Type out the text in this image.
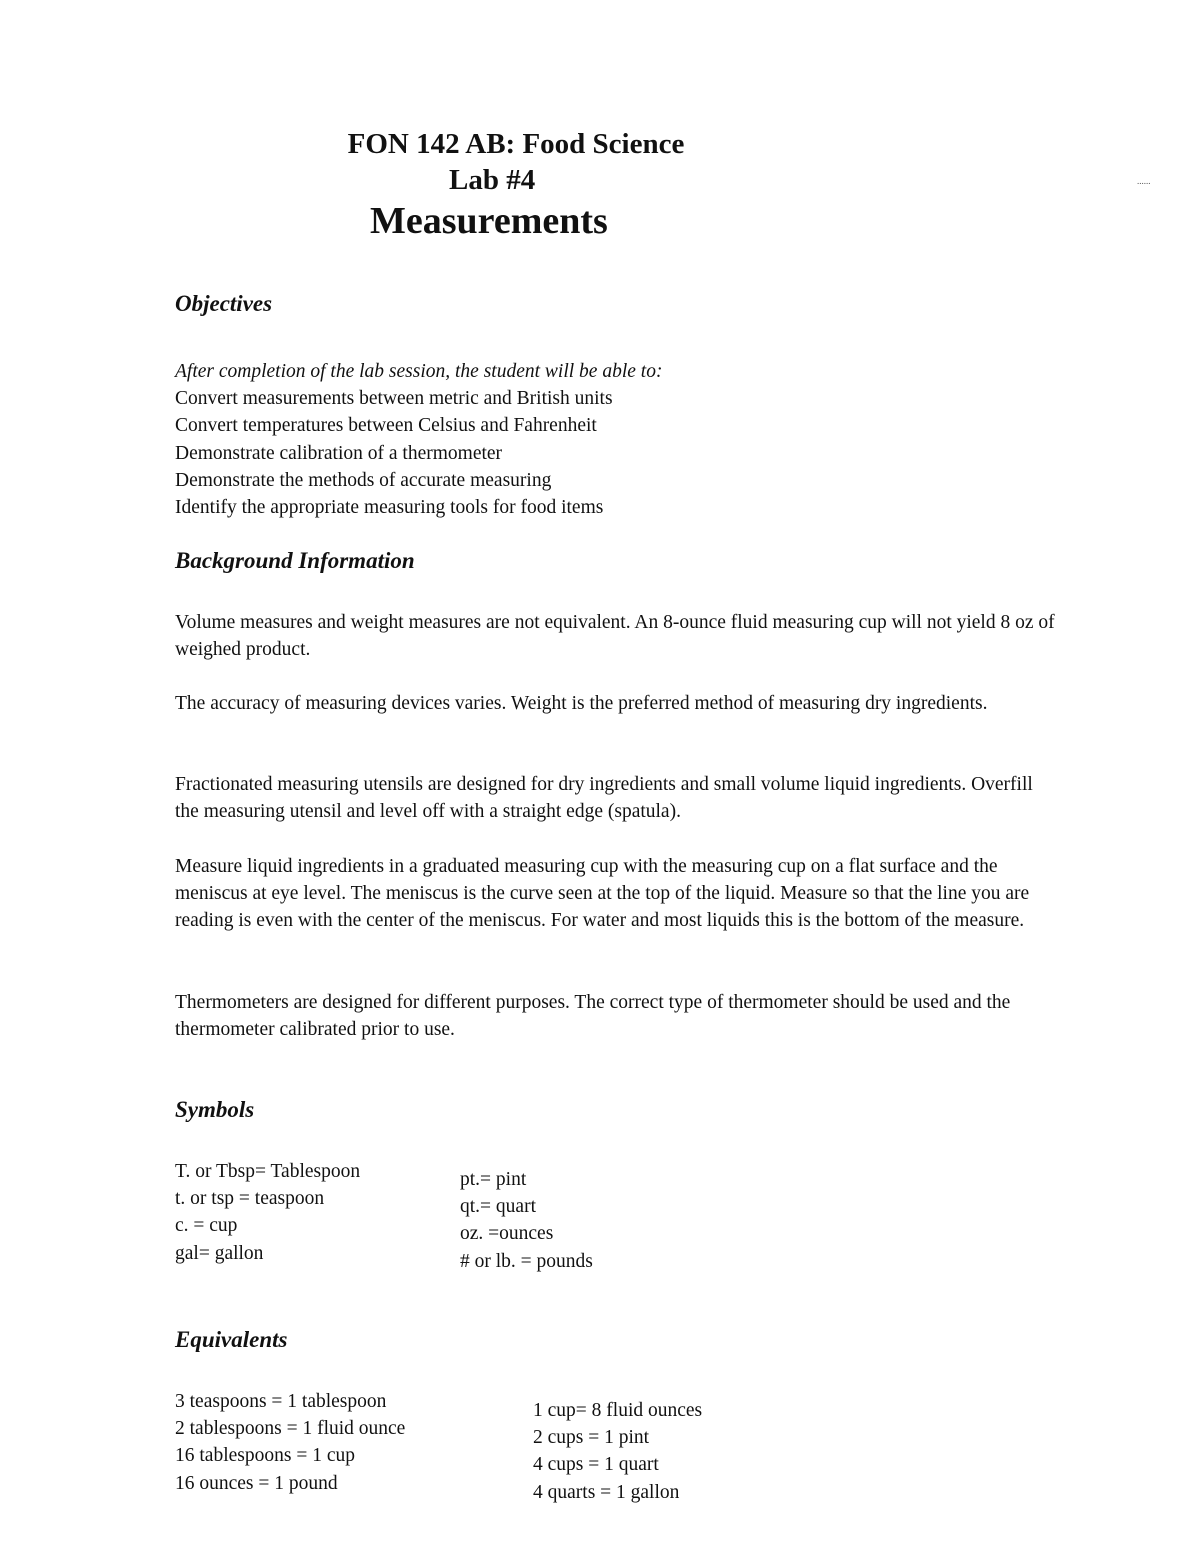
FON 142 AB: Food Science
Lab #4
Measurements
......
Objectives
After completion of the lab session, the student will be able to:
Convert measurements between metric and British units
Convert temperatures between Celsius and Fahrenheit
Demonstrate calibration of a thermometer
Demonstrate the methods of accurate measuring
Identify the appropriate measuring tools for food items
Background Information
Volume measures and weight measures are not equivalent. An 8-ounce fluid measuring cup will not yield 8 oz of weighed product.
The accuracy of measuring devices varies. Weight is the preferred method of measuring dry ingredients.
Fractionated measuring utensils are designed for dry ingredients and small volume liquid ingredients. Overfill the measuring utensil and level off with a straight edge (spatula).
Measure liquid ingredients in a graduated measuring cup with the measuring cup on a flat surface and the meniscus at eye level. The meniscus is the curve seen at the top of the liquid. Measure so that the line you are reading is even with the center of the meniscus. For water and most liquids this is the bottom of the measure.
Thermometers are designed for different purposes. The correct type of thermometer should be used and the thermometer calibrated prior to use.
Symbols
T. or Tbsp= Tablespoon
t. or tsp = teaspoon
c. = cup
gal= gallon
pt.= pint
qt.= quart
oz. =ounces
# or lb. = pounds
Equivalents
3 teaspoons = 1 tablespoon
2 tablespoons = 1 fluid ounce
16 tablespoons = 1 cup
16 ounces = 1 pound
1 cup= 8 fluid ounces
2 cups = 1 pint
4 cups = 1 quart
4 quarts = 1 gallon
